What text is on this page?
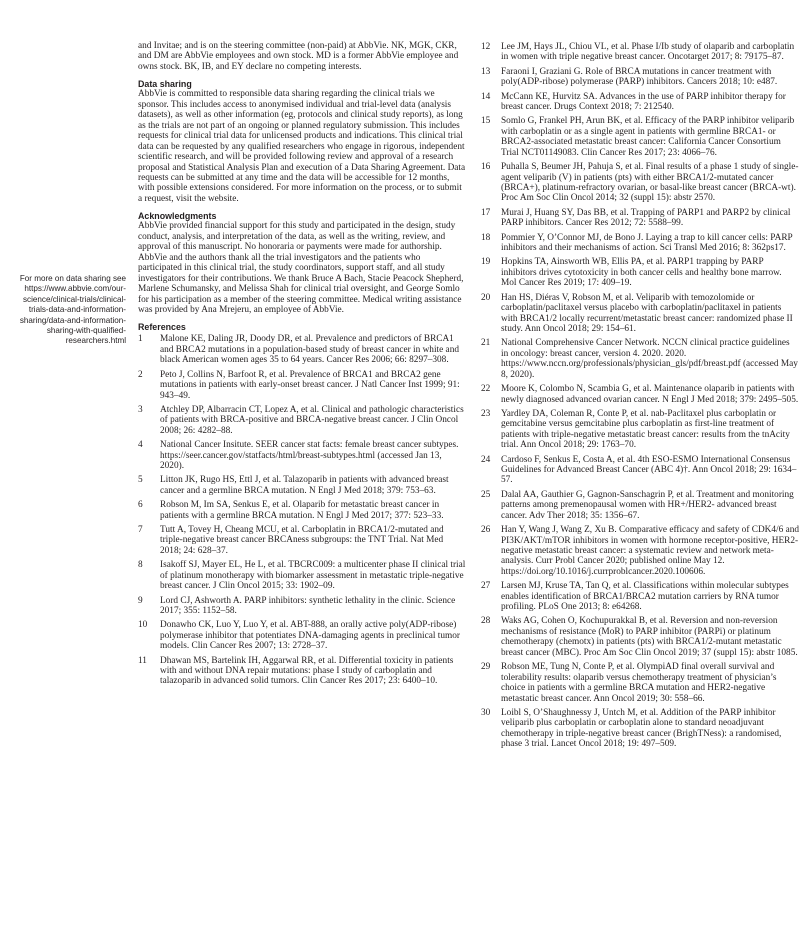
For more on data sharing see https://www.abbvie.com/our-science/clinical-trials/clinical-trials-data-and-information-sharing/data-and-information-sharing-with-qualified-researchers.html

and Invitae; and is on the steering committee (non-paid) at AbbVie. NK, MGK, CKR, and DM are AbbVie employees and own stock. MD is a former AbbVie employee and owns stock. BK, IB, and EY declare no competing interests.

Data sharing

AbbVie is committed to responsible data sharing regarding the clinical trials we sponsor. This includes access to anonymised individual and trial-level data (analysis datasets), as well as other information (eg, protocols and clinical study reports), as long as the trials are not part of an ongoing or planned regulatory submission. This includes requests for clinical trial data for unlicensed products and indications. This clinical trial data can be requested by any qualified researchers who engage in rigorous, independent scientific research, and will be provided following review and approval of a research proposal and Statistical Analysis Plan and execution of a Data Sharing Agreement. Data requests can be submitted at any time and the data will be accessible for 12 months, with possible extensions considered. For more information on the process, or to submit a request, visit the website.

Acknowledgments

AbbVie provided financial support for this study and participated in the design, study conduct, analysis, and interpretation of the data, as well as the writing, review, and approval of this manuscript. No honoraria or payments were made for authorship. AbbVie and the authors thank all the trial investigators and the patients who participated in this clinical trial, the study coordinators, support staff, and all study investigators for their contributions. We thank Bruce A Bach, Stacie Peacock Shepherd, Marlene Schumansky, and Melissa Shah for clinical trial oversight, and George Somlo for his participation as a member of the steering committee. Medical writing assistance was provided by Ana Mrejeru, an employee of AbbVie.

References
1	Malone KE, Daling JR, Doody DR, et al. Prevalence and predictors of BRCA1 and BRCA2 mutations in a population-based study of breast cancer in white and black American women ages 35 to 64 years. Cancer Res 2006; 66: 8297–308.
2	Peto J, Collins N, Barfoot R, et al. Prevalence of BRCA1 and BRCA2 gene mutations in patients with early-onset breast cancer. J Natl Cancer Inst 1999; 91: 943–49.
3	Atchley DP, Albarracin CT, Lopez A, et al. Clinical and pathologic characteristics of patients with BRCA-positive and BRCA-negative breast cancer. J Clin Oncol 2008; 26: 4282–88.
4	National Cancer Insitute. SEER cancer stat facts: female breast cancer subtypes. https://seer.cancer.gov/statfacts/html/breast-subtypes.html (accessed Jan 13, 2020).
5	Litton JK, Rugo HS, Ettl J, et al. Talazoparib in patients with advanced breast cancer and a germline BRCA mutation. N Engl J Med 2018; 379: 753–63.
6	Robson M, Im SA, Senkus E, et al. Olaparib for metastatic breast cancer in patients with a germline BRCA mutation. N Engl J Med 2017; 377: 523–33.
7	Tutt A, Tovey H, Cheang MCU, et al. Carboplatin in BRCA1/2-mutated and triple-negative breast cancer BRCAness subgroups: the TNT Trial. Nat Med 2018; 24: 628–37.
8	Isakoff SJ, Mayer EL, He L, et al. TBCRC009: a multicenter phase II clinical trial of platinum monotherapy with biomarker assessment in metastatic triple-negative breast cancer. J Clin Oncol 2015; 33: 1902–09.
9	Lord CJ, Ashworth A. PARP inhibitors: synthetic lethality in the clinic. Science 2017; 355: 1152–58.
10	Donawho CK, Luo Y, Luo Y, et al. ABT-888, an orally active poly(ADP-ribose) polymerase inhibitor that potentiates DNA-damaging agents in preclinical tumor models. Clin Cancer Res 2007; 13: 2728–37.
11	Dhawan MS, Bartelink IH, Aggarwal RR, et al. Differential toxicity in patients with and without DNA repair mutations: phase I study of carboplatin and talazoparib in advanced solid tumors. Clin Cancer Res 2017; 23: 6400–10.
12	Lee JM, Hays JL, Chiou VL, et al. Phase I/Ib study of olaparib and carboplatin in women with triple negative breast cancer. Oncotarget 2017; 8: 79175–87.
13	Faraoni I, Graziani G. Role of BRCA mutations in cancer treatment with poly(ADP-ribose) polymerase (PARP) inhibitors. Cancers 2018; 10: e487.
14	McCann KE, Hurvitz SA. Advances in the use of PARP inhibitor therapy for breast cancer. Drugs Context 2018; 7: 212540.
15	Somlo G, Frankel PH, Arun BK, et al. Efficacy of the PARP inhibitor veliparib with carboplatin or as a single agent in patients with germline BRCA1- or BRCA2-associated metastatic breast cancer: California Cancer Consortium Trial NCT01149083. Clin Cancer Res 2017; 23: 4066–76.
16	Puhalla S, Beumer JH, Pahuja S, et al. Final results of a phase 1 study of single-agent veliparib (V) in patients (pts) with either BRCA1/2-mutated cancer (BRCA+), platinum-refractory ovarian, or basal-like breast cancer (BRCA-wt). Proc Am Soc Clin Oncol 2014; 32 (suppl 15): abstr 2570.
17	Murai J, Huang SY, Das BB, et al. Trapping of PARP1 and PARP2 by clinical PARP inhibitors. Cancer Res 2012; 72: 5588–99.
18	Pommier Y, O’Connor MJ, de Bono J. Laying a trap to kill cancer cells: PARP inhibitors and their mechanisms of action. Sci Transl Med 2016; 8: 362ps17.
19	Hopkins TA, Ainsworth WB, Ellis PA, et al. PARP1 trapping by PARP inhibitors drives cytotoxicity in both cancer cells and healthy bone marrow. Mol Cancer Res 2019; 17: 409–19.
20	Han HS, Diéras V, Robson M, et al. Veliparib with temozolomide or carboplatin/paclitaxel versus placebo with carboplatin/paclitaxel in patients with BRCA1/2 locally recurrent/metastatic breast cancer: randomized phase II study. Ann Oncol 2018; 29: 154–61.
21	National Comprehensive Cancer Network. NCCN clinical practice guidelines in oncology: breast cancer, version 4. 2020. 2020. https://www.nccn.org/professionals/physician_gls/pdf/breast.pdf (accessed May 8, 2020).
22	Moore K, Colombo N, Scambia G, et al. Maintenance olaparib in patients with newly diagnosed advanced ovarian cancer. N Engl J Med 2018; 379: 2495–505.
23	Yardley DA, Coleman R, Conte P, et al. nab-Paclitaxel plus carboplatin or gemcitabine versus gemcitabine plus carboplatin as first-line treatment of patients with triple-negative metastatic breast cancer: results from the tnAcity trial. Ann Oncol 2018; 29: 1763–70.
24	Cardoso F, Senkus E, Costa A, et al. 4th ESO-ESMO International Consensus Guidelines for Advanced Breast Cancer (ABC 4)†. Ann Oncol 2018; 29: 1634–57.
25	Dalal AA, Gauthier G, Gagnon-Sanschagrin P, et al. Treatment and monitoring patterns among premenopausal women with HR+/HER2- advanced breast cancer. Adv Ther 2018; 35: 1356–67.
26	Han Y, Wang J, Wang Z, Xu B. Comparative efficacy and safety of CDK4/6 and PI3K/AKT/mTOR inhibitors in women with hormone receptor-positive, HER2-negative metastatic breast cancer: a systematic review and network meta-analysis. Curr Probl Cancer 2020; published online May 12. https://doi.org/10.1016/j.currproblcancer.2020.100606.
27	Larsen MJ, Kruse TA, Tan Q, et al. Classifications within molecular subtypes enables identification of BRCA1/BRCA2 mutation carriers by RNA tumor profiling. PLoS One 2013; 8: e64268.
28	Waks AG, Cohen O, Kochupurakkal B, et al. Reversion and non-reversion mechanisms of resistance (MoR) to PARP inhibitor (PARPi) or platinum chemotherapy (chemotx) in patients (pts) with BRCA1/2-mutant metastatic breast cancer (MBC). Proc Am Soc Clin Oncol 2019; 37 (suppl 15): abstr 1085.
29	Robson ME, Tung N, Conte P, et al. OlympiAD final overall survival and tolerability results: olaparib versus chemotherapy treatment of physician’s choice in patients with a germline BRCA mutation and HER2-negative metastatic breast cancer. Ann Oncol 2019; 30: 558–66.
30	Loibl S, O’Shaughnessy J, Untch M, et al. Addition of the PARP inhibitor veliparib plus carboplatin or carboplatin alone to standard neoadjuvant chemotherapy in triple-negative breast cancer (BrighTNess): a randomised, phase 3 trial. Lancet Oncol 2018; 19: 497–509.
